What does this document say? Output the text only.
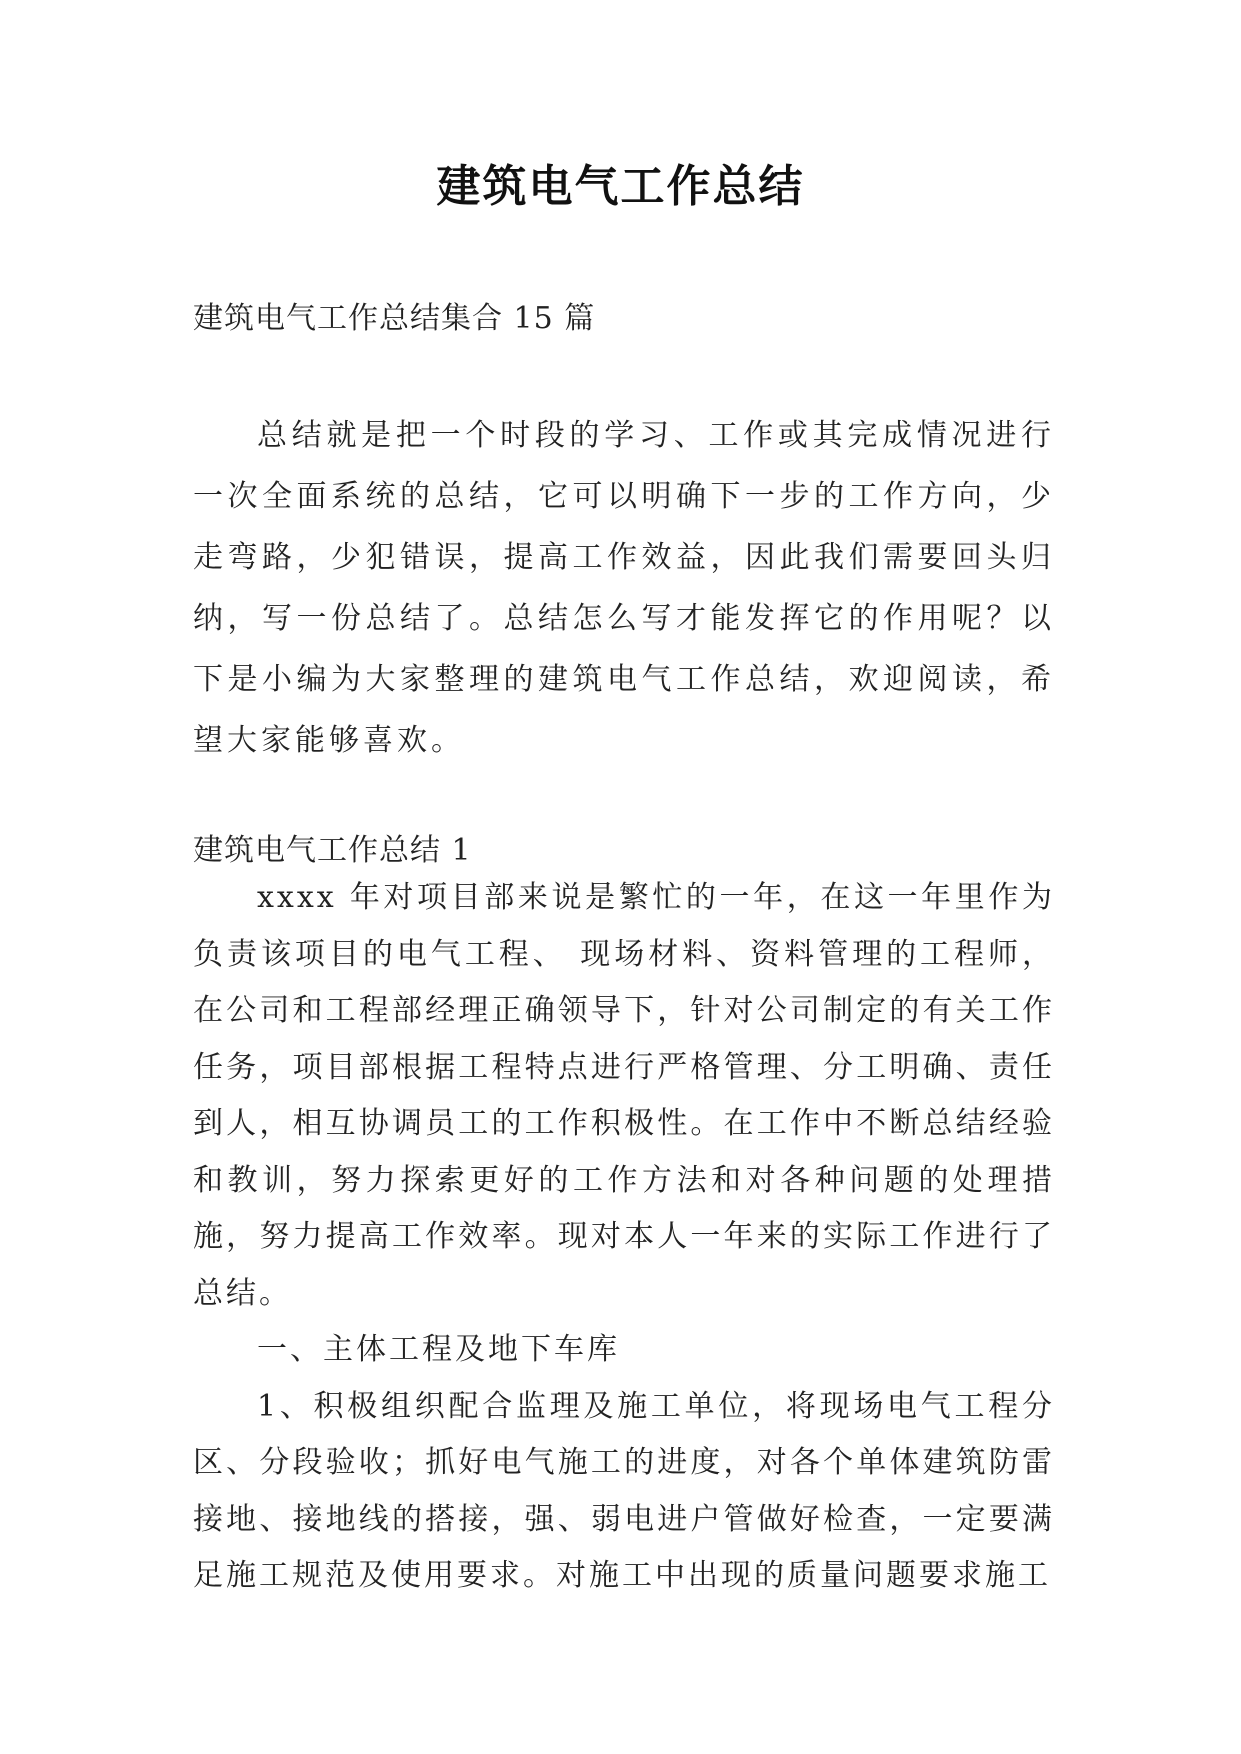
建筑电气工作总结
建筑电气工作总结集合 15 篇
总结就是把一个时段的学习、工作或其完成情况进行一次全面系统的总结，它可以明确下一步的工作方向，少走弯路，少犯错误，提高工作效益，因此我们需要回头归纳，写一份总结了。总结怎么写才能发挥它的作用呢？以下是小编为大家整理的建筑电气工作总结，欢迎阅读，希望大家能够喜欢。
建筑电气工作总结 1

xxxx 年对项目部来说是繁忙的一年，在这一年里作为负责该项目的电气工程、 现场材料、资料管理的工程师，在公司和工程部经理正确领导下，针对公司制定的有关工作任务，项目部根据工程特点进行严格管理、分工明确、责任到人，相互协调员工的工作积极性。在工作中不断总结经验和教训，努力探索更好的工作方法和对各种问题的处理措施，努力提高工作效率。现对本人一年来的实际工作进行了总结。

一、主体工程及地下车库

1、积极组织配合监理及施工单位，将现场电气工程分区、分段验收；抓好电气施工的进度，对各个单体建筑防雷接地、接地线的搭接，强、弱电进户管做好检查，一定要满足施工规范及使用要求。对施工中出现的质量问题要求施工
